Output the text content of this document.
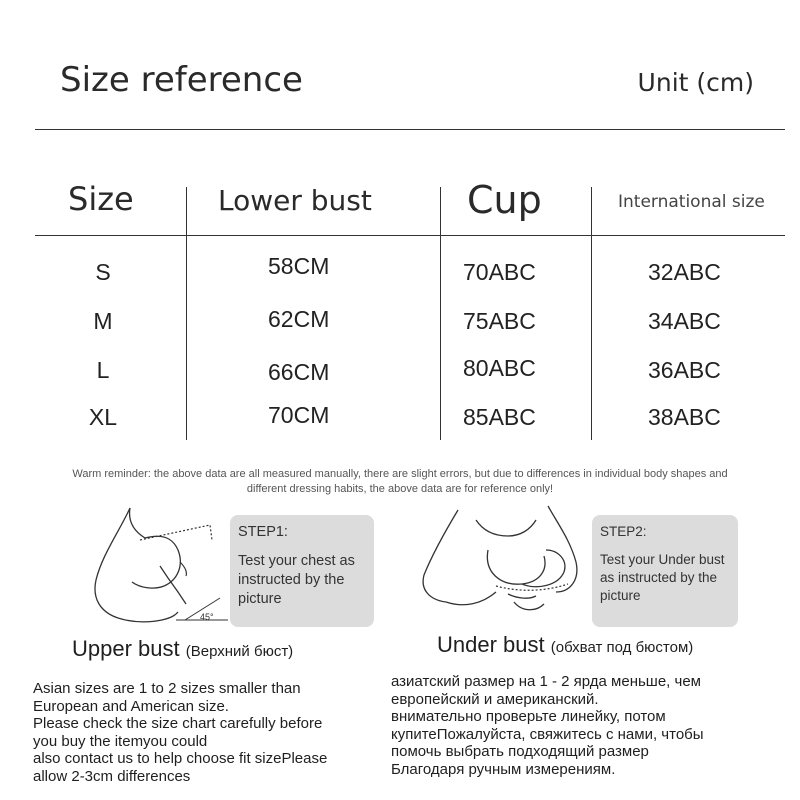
Size reference	Unit (cm)
Size	Lower bust	Cup	International size
S	58CM	70ABC	32ABC
M	62CM	75ABC	34ABC
L	66CM	80ABC	36ABC
XL	70CM	85ABC	38ABC
Warm reminder: the above data are all measured manually, there are slight errors, but due to differences in individual body shapes and different dressing habits, the above data are for reference only!
45°
STEP1:
Test your chest as instructed by the picture
STEP2:
Test your Under bust as instructed by the picture
Upper bust (Верхний бюст)	Under bust (обхват под бюстом)
Asian sizes are 1 to 2 sizes smaller than
European and American size.
Please check the size chart carefully before
you buy the itemyou could
also contact us to help choose fit sizePlease
allow 2-3cm differences
азиатский размер на 1 - 2 ярда меньше, чем
европейский и американский.
внимательно проверьте линейку, потом
купитеПожалуйста, свяжитесь с нами, чтобы
помочь выбрать подходящий размер
Благодаря ручным измерениям.
